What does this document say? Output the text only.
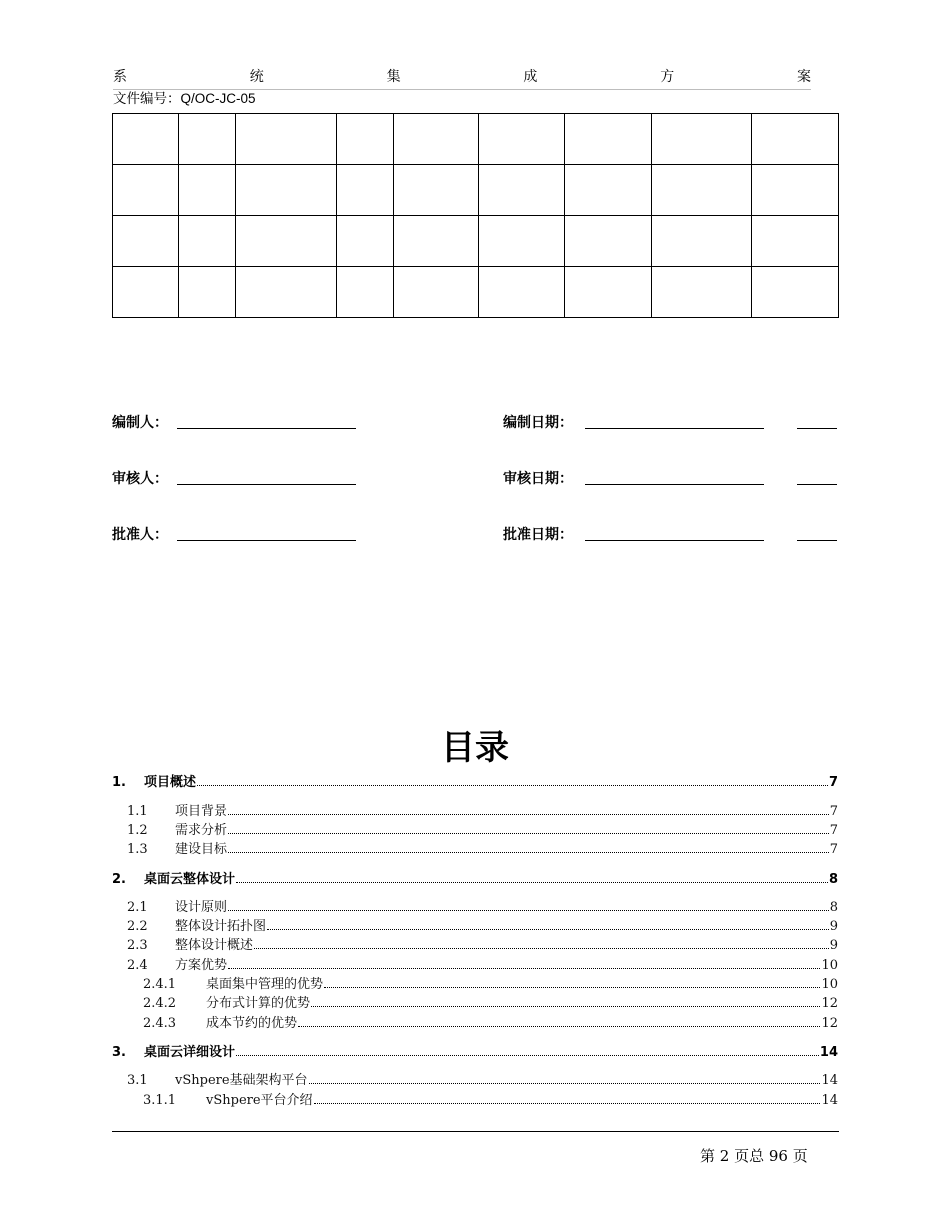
系	统	集	成	方	案
文件编号：Q/OC-JC-05

编制人：	编制日期：
审核人：	审核日期：
批准人：	批准日期：
目录
1.	项目概述	7
1.1	项目背景	7
1.2	需求分析	7
1.3	建设目标	7
2.	桌面云整体设计	8
2.1	设计原则	8
2.2	整体设计拓扑图	9
2.3	整体设计概述	9
2.4	方案优势	10
2.4.1	桌面集中管理的优势	10
2.4.2	分布式计算的优势	12
2.4.3	成本节约的优势	12
3.	桌面云详细设计	14
3.1	vShpere基础架构平台	14
3.1.1	vShpere平台介绍	14
第 2 页总 96 页
